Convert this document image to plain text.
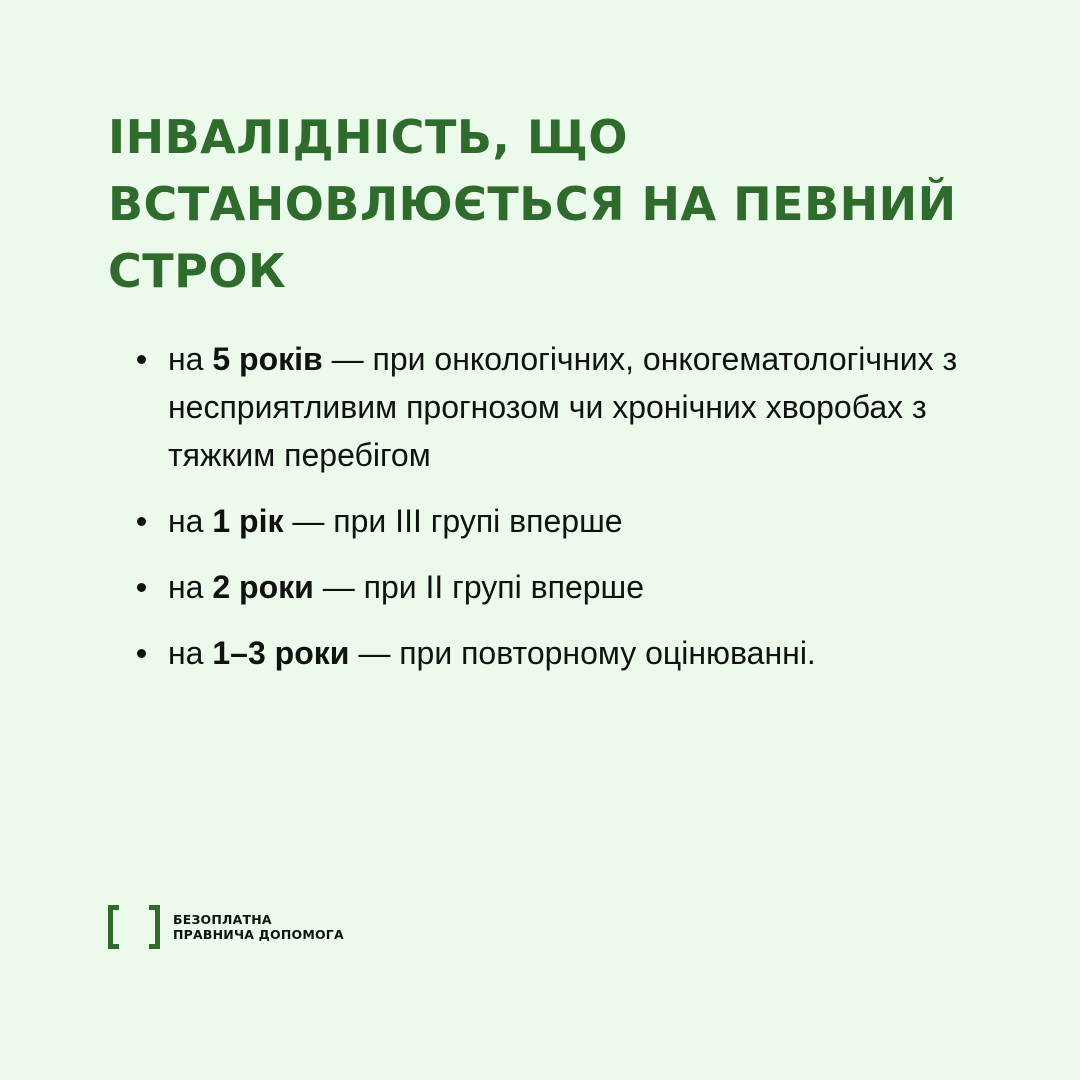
ІНВАЛІДНІСТЬ, ЩО ВСТАНОВЛЮЄТЬСЯ НА ПЕВНИЙ СТРОК
на 5 років — при онкологічних, онкогематологічних з несприятливим прогнозом чи хронічних хворобах з тяжким перебігом
на 1 рік — при ІІІ групі вперше
на 2 роки — при ІІ групі вперше
на 1–3 роки — при повторному оцінюванні.
БЕЗОПЛАТНА
ПРАВНИЧА ДОПОМОГА
